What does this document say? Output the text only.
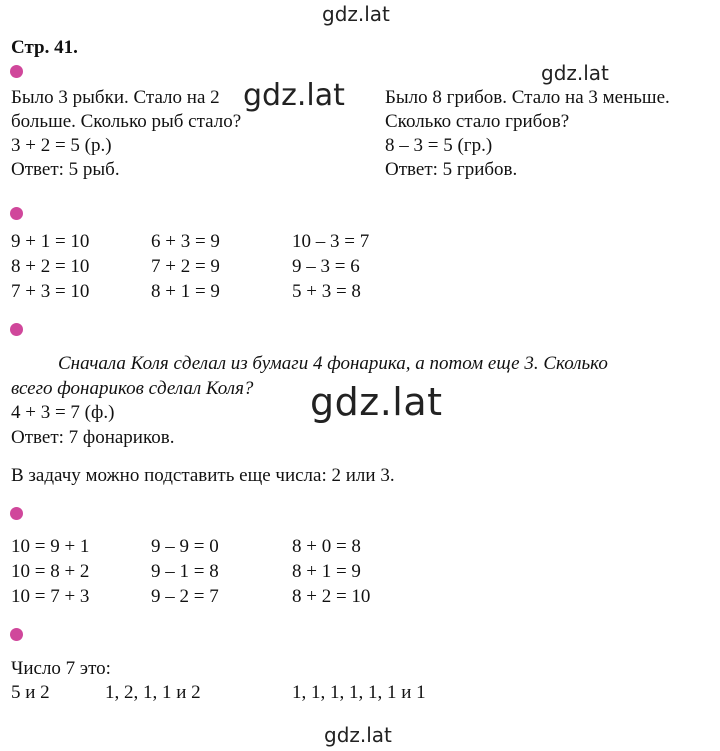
gdz.lat
gdz.lat
gdz.lat
gdz.lat
gdz.lat
Стр. 41.
Было 3 рыбки. Стало на 2
больше. Сколько рыб стало?
3 + 2 = 5 (р.)
Ответ: 5 рыб.
Было 8 грибов. Стало на 3 меньше.
Сколько стало грибов?
8 – 3 = 5 (гр.)
Ответ: 5 грибов.
9 + 1 = 10
8 + 2 = 10
7 + 3 = 10
6 + 3 = 9
7 + 2 = 9
8 + 1 = 9
10 – 3 = 7
9 – 3 = 6
5 + 3 = 8
Сначала Коля сделал из бумаги 4 фонарика, а потом еще 3. Сколько
всего фонариков сделал Коля?
4 + 3 = 7 (ф.)
Ответ: 7 фонариков.
В задачу можно подставить еще числа: 2 или 3.
10 = 9 + 1
10 = 8 + 2
10 = 7 + 3
9 – 9 = 0
9 – 1 = 8
9 – 2 = 7
8 + 0 = 8
8 + 1 = 9
8 + 2 = 10
Число 7 это:
5 и 2	1, 2, 1, 1 и 2	1, 1, 1, 1, 1, 1 и 1
